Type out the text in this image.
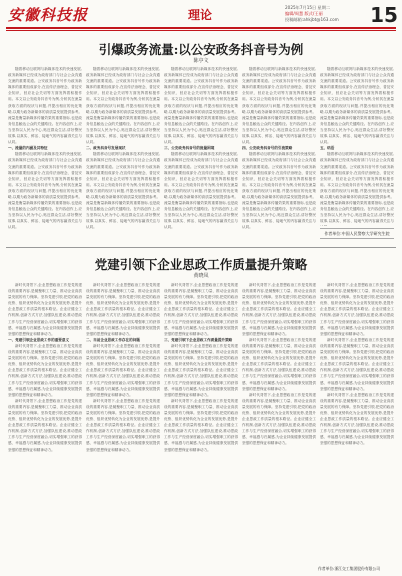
安徽科技报	理论
2025年7月15日 星期二
编辑/周慧 版式/王丽
投稿邮箱:ahkjbt@163.com	15
引爆政务流量:以公安政务抖音号为例
陈亭文

随着移动互联网与新媒体技术的快速发展,政务新媒体已经成为政府部门与社会公众沟通交流的重要渠道。公安政务抖音号作为政务新媒体的重要组成部分,在宣传法治理念、普及安全知识、回应社会关切等方面发挥着积极作用。本文以公安政务抖音号为例,分析其在流量获取方面的现状与问题,并提出相应的优化策略,以期为政务新媒体的高质量发展提供参考。流量是衡量新媒体传播效果的重要指标,也是政务信息触达公众的关键路径。在内容创作上,应当坚持以人民为中心,贴近群众生活,讲好警民故事,以真实、鲜活、接地气的内容赢得关注与认同。

一、流量的内涵及其特征

随着移动互联网与新媒体技术的快速发展,政务新媒体已经成为政府部门与社会公众沟通交流的重要渠道。公安政务抖音号作为政务新媒体的重要组成部分,在宣传法治理念、普及安全知识、回应社会关切等方面发挥着积极作用。本文以公安政务抖音号为例,分析其在流量获取方面的现状与问题,并提出相应的优化策略,以期为政务新媒体的高质量发展提供参考。流量是衡量新媒体传播效果的重要指标,也是政务信息触达公众的关键路径。在内容创作上,应当坚持以人民为中心,贴近群众生活,讲好警民故事,以真实、鲜活、接地气的内容赢得关注与认同。

随着移动互联网与新媒体技术的快速发展,政务新媒体已经成为政府部门与社会公众沟通交流的重要渠道。公安政务抖音号作为政务新媒体的重要组成部分,在宣传法治理念、普及安全知识、回应社会关切等方面发挥着积极作用。本文以公安政务抖音号为例,分析其在流量获取方面的现状与问题,并提出相应的优化策略,以期为政务新媒体的高质量发展提供参考。流量是衡量新媒体传播效果的重要指标,也是政务信息触达公众的关键路径。在内容创作上,应当坚持以人民为中心,贴近群众生活,讲好警民故事,以真实、鲜活、接地气的内容赢得关注与认同。

二、政务抖音号发展现状

随着移动互联网与新媒体技术的快速发展,政务新媒体已经成为政府部门与社会公众沟通交流的重要渠道。公安政务抖音号作为政务新媒体的重要组成部分,在宣传法治理念、普及安全知识、回应社会关切等方面发挥着积极作用。本文以公安政务抖音号为例,分析其在流量获取方面的现状与问题,并提出相应的优化策略,以期为政务新媒体的高质量发展提供参考。流量是衡量新媒体传播效果的重要指标,也是政务信息触达公众的关键路径。在内容创作上,应当坚持以人民为中心,贴近群众生活,讲好警民故事,以真实、鲜活、接地气的内容赢得关注与认同。

随着移动互联网与新媒体技术的快速发展,政务新媒体已经成为政府部门与社会公众沟通交流的重要渠道。公安政务抖音号作为政务新媒体的重要组成部分,在宣传法治理念、普及安全知识、回应社会关切等方面发挥着积极作用。本文以公安政务抖音号为例,分析其在流量获取方面的现状与问题,并提出相应的优化策略,以期为政务新媒体的高质量发展提供参考。流量是衡量新媒体传播效果的重要指标,也是政务信息触达公众的关键路径。在内容创作上,应当坚持以人民为中心,贴近群众生活,讲好警民故事,以真实、鲜活、接地气的内容赢得关注与认同。

三、公安政务抖音号的流量困境

随着移动互联网与新媒体技术的快速发展,政务新媒体已经成为政府部门与社会公众沟通交流的重要渠道。公安政务抖音号作为政务新媒体的重要组成部分,在宣传法治理念、普及安全知识、回应社会关切等方面发挥着积极作用。本文以公安政务抖音号为例,分析其在流量获取方面的现状与问题,并提出相应的优化策略,以期为政务新媒体的高质量发展提供参考。流量是衡量新媒体传播效果的重要指标,也是政务信息触达公众的关键路径。在内容创作上,应当坚持以人民为中心,贴近群众生活,讲好警民故事,以真实、鲜活、接地气的内容赢得关注与认同。

随着移动互联网与新媒体技术的快速发展,政务新媒体已经成为政府部门与社会公众沟通交流的重要渠道。公安政务抖音号作为政务新媒体的重要组成部分,在宣传法治理念、普及安全知识、回应社会关切等方面发挥着积极作用。本文以公安政务抖音号为例,分析其在流量获取方面的现状与问题,并提出相应的优化策略,以期为政务新媒体的高质量发展提供参考。流量是衡量新媒体传播效果的重要指标,也是政务信息触达公众的关键路径。在内容创作上,应当坚持以人民为中心,贴近群众生活,讲好警民故事,以真实、鲜活、接地气的内容赢得关注与认同。

四、公安政务抖音号的引流策略

随着移动互联网与新媒体技术的快速发展,政务新媒体已经成为政府部门与社会公众沟通交流的重要渠道。公安政务抖音号作为政务新媒体的重要组成部分,在宣传法治理念、普及安全知识、回应社会关切等方面发挥着积极作用。本文以公安政务抖音号为例,分析其在流量获取方面的现状与问题,并提出相应的优化策略,以期为政务新媒体的高质量发展提供参考。流量是衡量新媒体传播效果的重要指标,也是政务信息触达公众的关键路径。在内容创作上,应当坚持以人民为中心,贴近群众生活,讲好警民故事,以真实、鲜活、接地气的内容赢得关注与认同。

随着移动互联网与新媒体技术的快速发展,政务新媒体已经成为政府部门与社会公众沟通交流的重要渠道。公安政务抖音号作为政务新媒体的重要组成部分,在宣传法治理念、普及安全知识、回应社会关切等方面发挥着积极作用。本文以公安政务抖音号为例,分析其在流量获取方面的现状与问题,并提出相应的优化策略,以期为政务新媒体的高质量发展提供参考。流量是衡量新媒体传播效果的重要指标,也是政务信息触达公众的关键路径。在内容创作上,应当坚持以人民为中心,贴近群众生活,讲好警民故事,以真实、鲜活、接地气的内容赢得关注与认同。

五、结语

随着移动互联网与新媒体技术的快速发展,政务新媒体已经成为政府部门与社会公众沟通交流的重要渠道。公安政务抖音号作为政务新媒体的重要组成部分,在宣传法治理念、普及安全知识、回应社会关切等方面发挥着积极作用。本文以公安政务抖音号为例,分析其在流量获取方面的现状与问题,并提出相应的优化策略,以期为政务新媒体的高质量发展提供参考。流量是衡量新媒体传播效果的重要指标,也是政务信息触达公众的关键路径。在内容创作上,应当坚持以人民为中心,贴近群众生活,讲好警民故事,以真实、鲜活、接地气的内容赢得关注与

作者单位:中国人民警察大学研究生院
党建引领下企业思政工作质量提升策略
黄晓凤

新时代背景下,企业思想政治工作是党的建设的重要内容,是凝聚职工力量、推动企业高质量发展的有力保障。坚持党建引领,把党的政治优势、组织优势转化为企业的发展优势,是提升企业思政工作质量的根本路径。企业应健全工作机制,创新方式方法,加强队伍建设,推动思政工作与生产经营深度融合,切实增强职工的获得感、幸福感与归属感,为企业持续健康发展提供坚强的思想保证和精神动力。

一、党建引领企业思政工作的重要意义

新时代背景下,企业思想政治工作是党的建设的重要内容,是凝聚职工力量、推动企业高质量发展的有力保障。坚持党建引领,把党的政治优势、组织优势转化为企业的发展优势,是提升企业思政工作质量的根本路径。企业应健全工作机制,创新方式方法,加强队伍建设,推动思政工作与生产经营深度融合,切实增强职工的获得感、幸福感与归属感,为企业持续健康发展提供坚强的思想保证和精神动力。

新时代背景下,企业思想政治工作是党的建设的重要内容,是凝聚职工力量、推动企业高质量发展的有力保障。坚持党建引领,把党的政治优势、组织优势转化为企业的发展优势,是提升企业思政工作质量的根本路径。企业应健全工作机制,创新方式方法,加强队伍建设,推动思政工作与生产经营深度融合,切实增强职工的获得感、幸福感与归属感,为企业持续健康发展提供坚强的思想保证和精神动力。

新时代背景下,企业思想政治工作是党的建设的重要内容,是凝聚职工力量、推动企业高质量发展的有力保障。坚持党建引领,把党的政治优势、组织优势转化为企业的发展优势,是提升企业思政工作质量的根本路径。企业应健全工作机制,创新方式方法,加强队伍建设,推动思政工作与生产经营深度融合,切实增强职工的获得感、幸福感与归属感,为企业持续健康发展提供坚强的思想保证和精神动力。

二、当前企业思政工作存在的问题

新时代背景下,企业思想政治工作是党的建设的重要内容,是凝聚职工力量、推动企业高质量发展的有力保障。坚持党建引领,把党的政治优势、组织优势转化为企业的发展优势,是提升企业思政工作质量的根本路径。企业应健全工作机制,创新方式方法,加强队伍建设,推动思政工作与生产经营深度融合,切实增强职工的获得感、幸福感与归属感,为企业持续健康发展提供坚强的思想保证和精神动力。

新时代背景下,企业思想政治工作是党的建设的重要内容,是凝聚职工力量、推动企业高质量发展的有力保障。坚持党建引领,把党的政治优势、组织优势转化为企业的发展优势,是提升企业思政工作质量的根本路径。企业应健全工作机制,创新方式方法,加强队伍建设,推动思政工作与生产经营深度融合,切实增强职工的获得感、幸福感与归属感,为企业持续健康发展提供坚强的思想保证和精神动力。

新时代背景下,企业思想政治工作是党的建设的重要内容,是凝聚职工力量、推动企业高质量发展的有力保障。坚持党建引领,把党的政治优势、组织优势转化为企业的发展优势,是提升企业思政工作质量的根本路径。企业应健全工作机制,创新方式方法,加强队伍建设,推动思政工作与生产经营深度融合,切实增强职工的获得感、幸福感与归属感,为企业持续健康发展提供坚强的思想保证和精神动力。

三、党建引领下企业思政工作质量提升策略

新时代背景下,企业思想政治工作是党的建设的重要内容,是凝聚职工力量、推动企业高质量发展的有力保障。坚持党建引领,把党的政治优势、组织优势转化为企业的发展优势,是提升企业思政工作质量的根本路径。企业应健全工作机制,创新方式方法,加强队伍建设,推动思政工作与生产经营深度融合,切实增强职工的获得感、幸福感与归属感,为企业持续健康发展提供坚强的思想保证和精神动力。

新时代背景下,企业思想政治工作是党的建设的重要内容,是凝聚职工力量、推动企业高质量发展的有力保障。坚持党建引领,把党的政治优势、组织优势转化为企业的发展优势,是提升企业思政工作质量的根本路径。企业应健全工作机制,创新方式方法,加强队伍建设,推动思政工作与生产经营深度融合,切实增强职工的获得感、幸福感与归属感,为企业持续健康发展提供坚强的思想保证和精神动力。

新时代背景下,企业思想政治工作是党的建设的重要内容,是凝聚职工力量、推动企业高质量发展的有力保障。坚持党建引领,把党的政治优势、组织优势转化为企业的发展优势,是提升企业思政工作质量的根本路径。企业应健全工作机制,创新方式方法,加强队伍建设,推动思政工作与生产经营深度融合,切实增强职工的获得感、幸福感与归属感,为企业持续健康发展提供坚强的思想保证和精神动力。

新时代背景下,企业思想政治工作是党的建设的重要内容,是凝聚职工力量、推动企业高质量发展的有力保障。坚持党建引领,把党的政治优势、组织优势转化为企业的发展优势,是提升企业思政工作质量的根本路径。企业应健全工作机制,创新方式方法,加强队伍建设,推动思政工作与生产经营深度融合,切实增强职工的获得感、幸福感与归属感,为企业持续健康发展提供坚强的思想保证和精神动力。

新时代背景下,企业思想政治工作是党的建设的重要内容,是凝聚职工力量、推动企业高质量发展的有力保障。坚持党建引领,把党的政治优势、组织优势转化为企业的发展优势,是提升企业思政工作质量的根本路径。企业应健全工作机制,创新方式方法,加强队伍建设,推动思政工作与生产经营深度融合,切实增强职工的获得感、幸福感与归属感,为企业持续健康发展提供坚强的思想保证和精神动力。

新时代背景下,企业思想政治工作是党的建设的重要内容,是凝聚职工力量、推动企业高质量发展的有力保障。坚持党建引领,把党的政治优势、组织优势转化为企业的发展优势,是提升企业思政工作质量的根本路径。企业应健全工作机制,创新方式方法,加强队伍建设,推动思政工作与生产经营深度融合,切实增强职工的获得感、幸福感与归属感,为企业持续健康发展提供坚强的思想保证和精神动力。

新时代背景下,企业思想政治工作是党的建设的重要内容,是凝聚职工力量、推动企业高质量发展的有力保障。坚持党建引领,把党的政治优势、组织优势转化为企业的发展优势,是提升企业思政工作质量的根本路径。企业应健全工作机制,创新方式方法,加强队伍建设,推动思政工作与生产经营深度融合,切实增强职工的获得感、幸福感与归属感,为企业持续健康发展提供坚强的思想保证和精神动力。

新时代背景下,企业思想政治工作是党的建设的重要内容,是凝聚职工力量、推动企业高质量发展的有力保障。坚持党建引领,把党的政治优势、组织优势转化为企业的发展优势,是提升企业思政工作质量的根本路径。企业应健全工作机制,创新方式方法,加强队伍建设,推动思政工作与生产经营深度融合,切实增强职工的获得感、幸福感与归属感,为企业持续健康发展提供坚强的思想保证和精神动力。

作者单位:浙江交工集团股份有限公司
